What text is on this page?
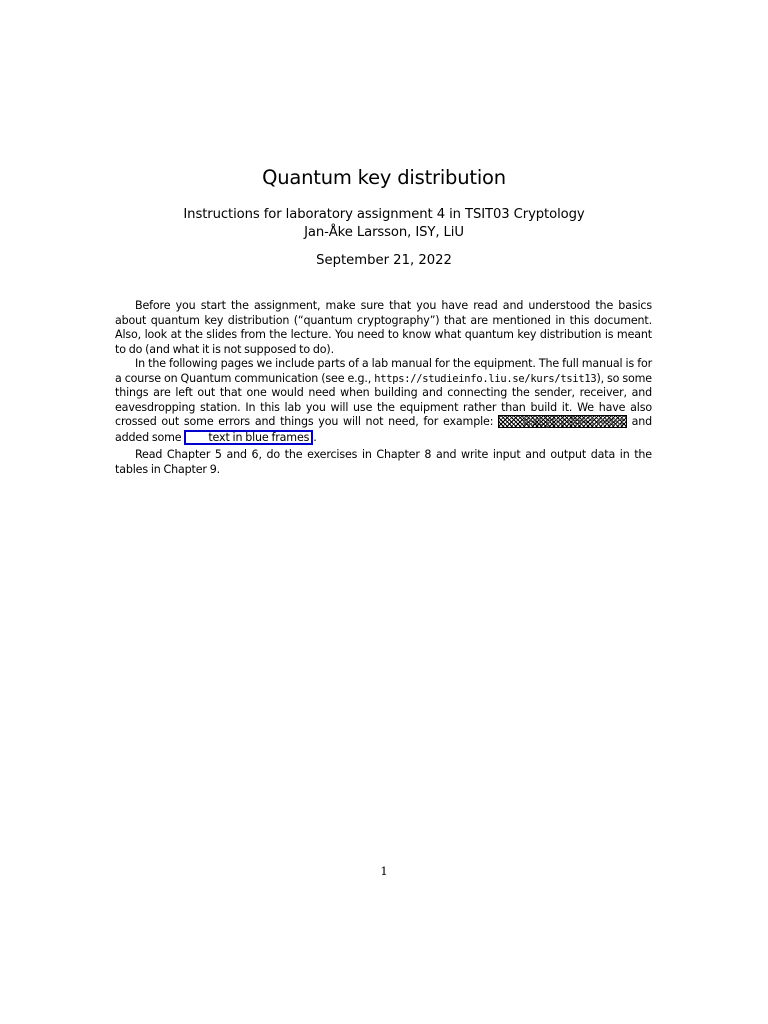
Quantum key distribution
Instructions for laboratory assignment 4 in TSIT03 Cryptology
Jan-Åke Larsson, ISY, LiU
September 21, 2022

Before you start the assignment, make sure that you have read and understood the basics about quantum key distribution (“quantum cryptography”) that are mentioned in this document. Also, look at the slides from the lecture. You need to know what quantum key distribution is meant to do (and what it is not supposed to do).

In the following pages we include parts of a lab manual for the equipment. The full manual is for a course on Quantum communication (see e.g., https://studieinfo.liu.se/kurs/tsit13), so some things are left out that one would need when building and connecting the sender, receiver, and eavesdropping station. In this lab you will use the equipment rather than build it. We have also crossed out some errors and things you will not need, for example: Text you don’t need and added some text in blue frames .

Read Chapter 5 and 6, do the exercises in Chapter 8 and write input and output data in the tables in Chapter 9.

1
